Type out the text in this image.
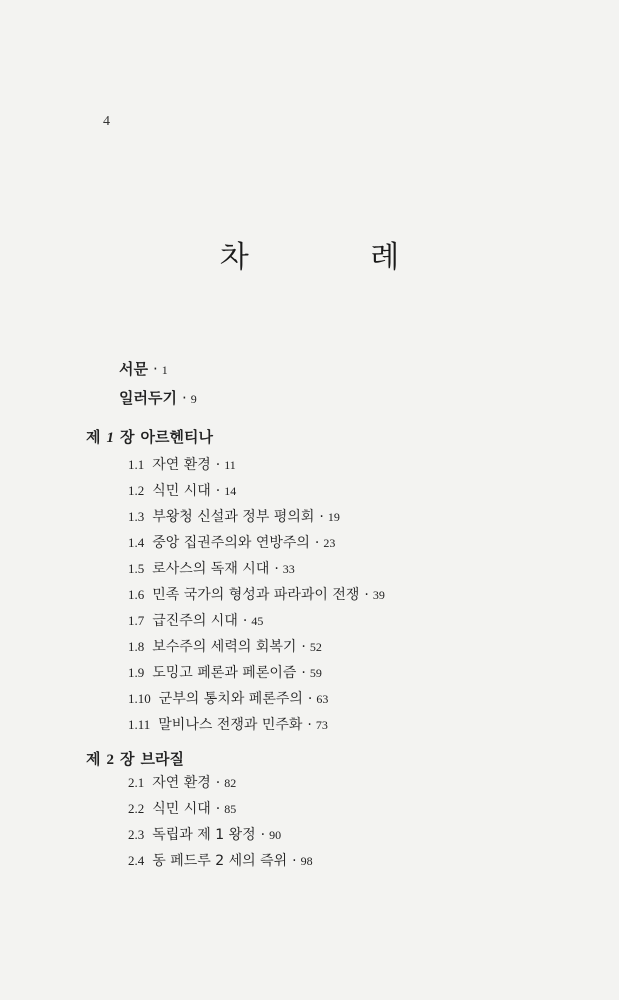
4
차 례
서문 · 1
일러두기 · 9
제 1 장 아르헨티나
1.1 자연 환경 · 11
1.2 식민 시대 · 14
1.3 부왕청 신설과 정부 평의회 · 19
1.4 중앙 집권주의와 연방주의 · 23
1.5 로사스의 독재 시대 · 33
1.6 민족 국가의 형성과 파라과이 전쟁 · 39
1.7 급진주의 시대 · 45
1.8 보수주의 세력의 회복기 · 52
1.9 도밍고 페론과 페론이즘 · 59
1.10 군부의 통치와 페론주의 · 63
1.11 말비나스 전쟁과 민주화 · 73
제 2 장 브라질
2.1 자연 환경 · 82
2.2 식민 시대 · 85
2.3 독립과 제 1 왕정 · 90
2.4 동 페드루 2 세의 즉위 · 98
